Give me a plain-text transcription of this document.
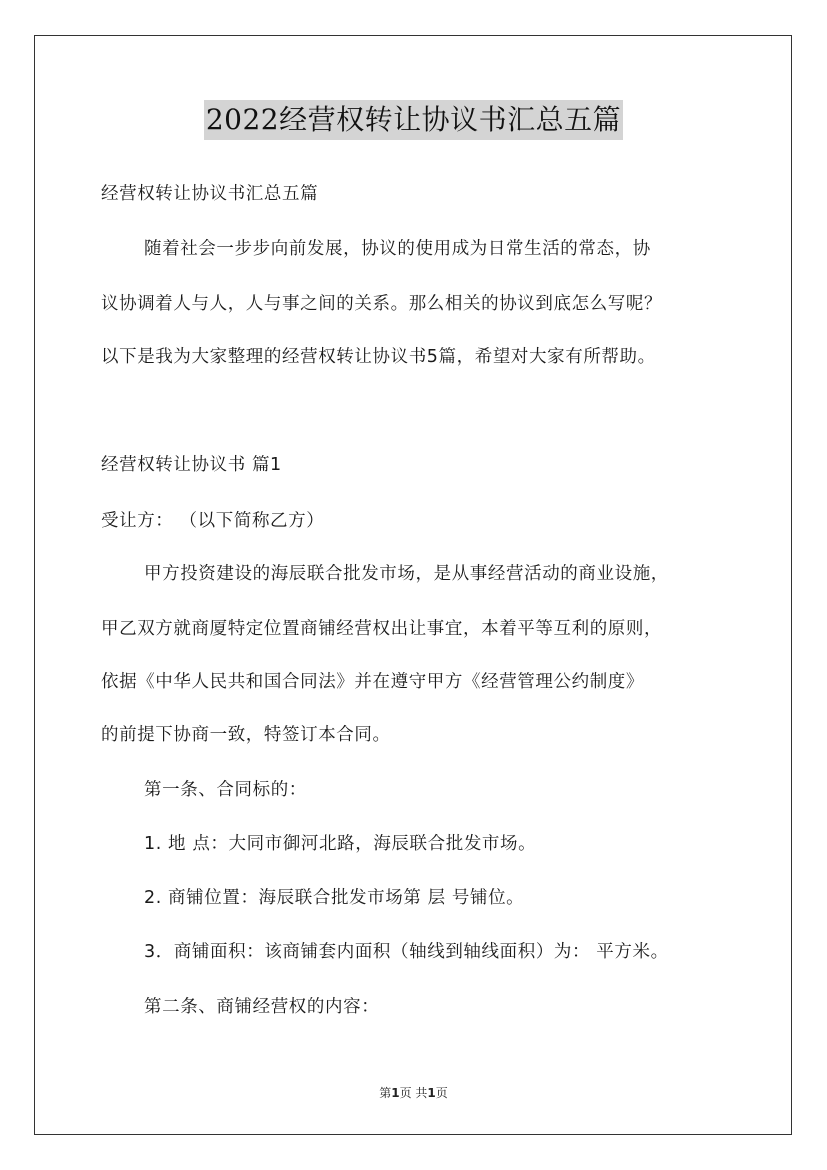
2022经营权转让协议书汇总五篇
经营权转让协议书汇总五篇
随着社会一步步向前发展，协议的使用成为日常生活的常态，协
议协调着人与人，人与事之间的关系。那么相关的协议到底怎么写呢？
以下是我为大家整理的经营权转让协议书5篇，希望对大家有所帮助。
经营权转让协议书 篇1
受让方： （以下简称乙方）
甲方投资建设的海辰联合批发市场，是从事经营活动的商业设施，
甲乙双方就商厦特定位置商铺经营权出让事宜，本着平等互利的原则，
依据《中华人民共和国合同法》并在遵守甲方《经营管理公约制度》
的前提下协商一致，特签订本合同。
第一条、合同标的：
1. 地 点：大同市御河北路，海辰联合批发市场。
2. 商铺位置：海辰联合批发市场第 层 号铺位。
3．商铺面积：该商铺套内面积（轴线到轴线面积）为： 平方米。
第二条、商铺经营权的内容：
第1页 共1页
